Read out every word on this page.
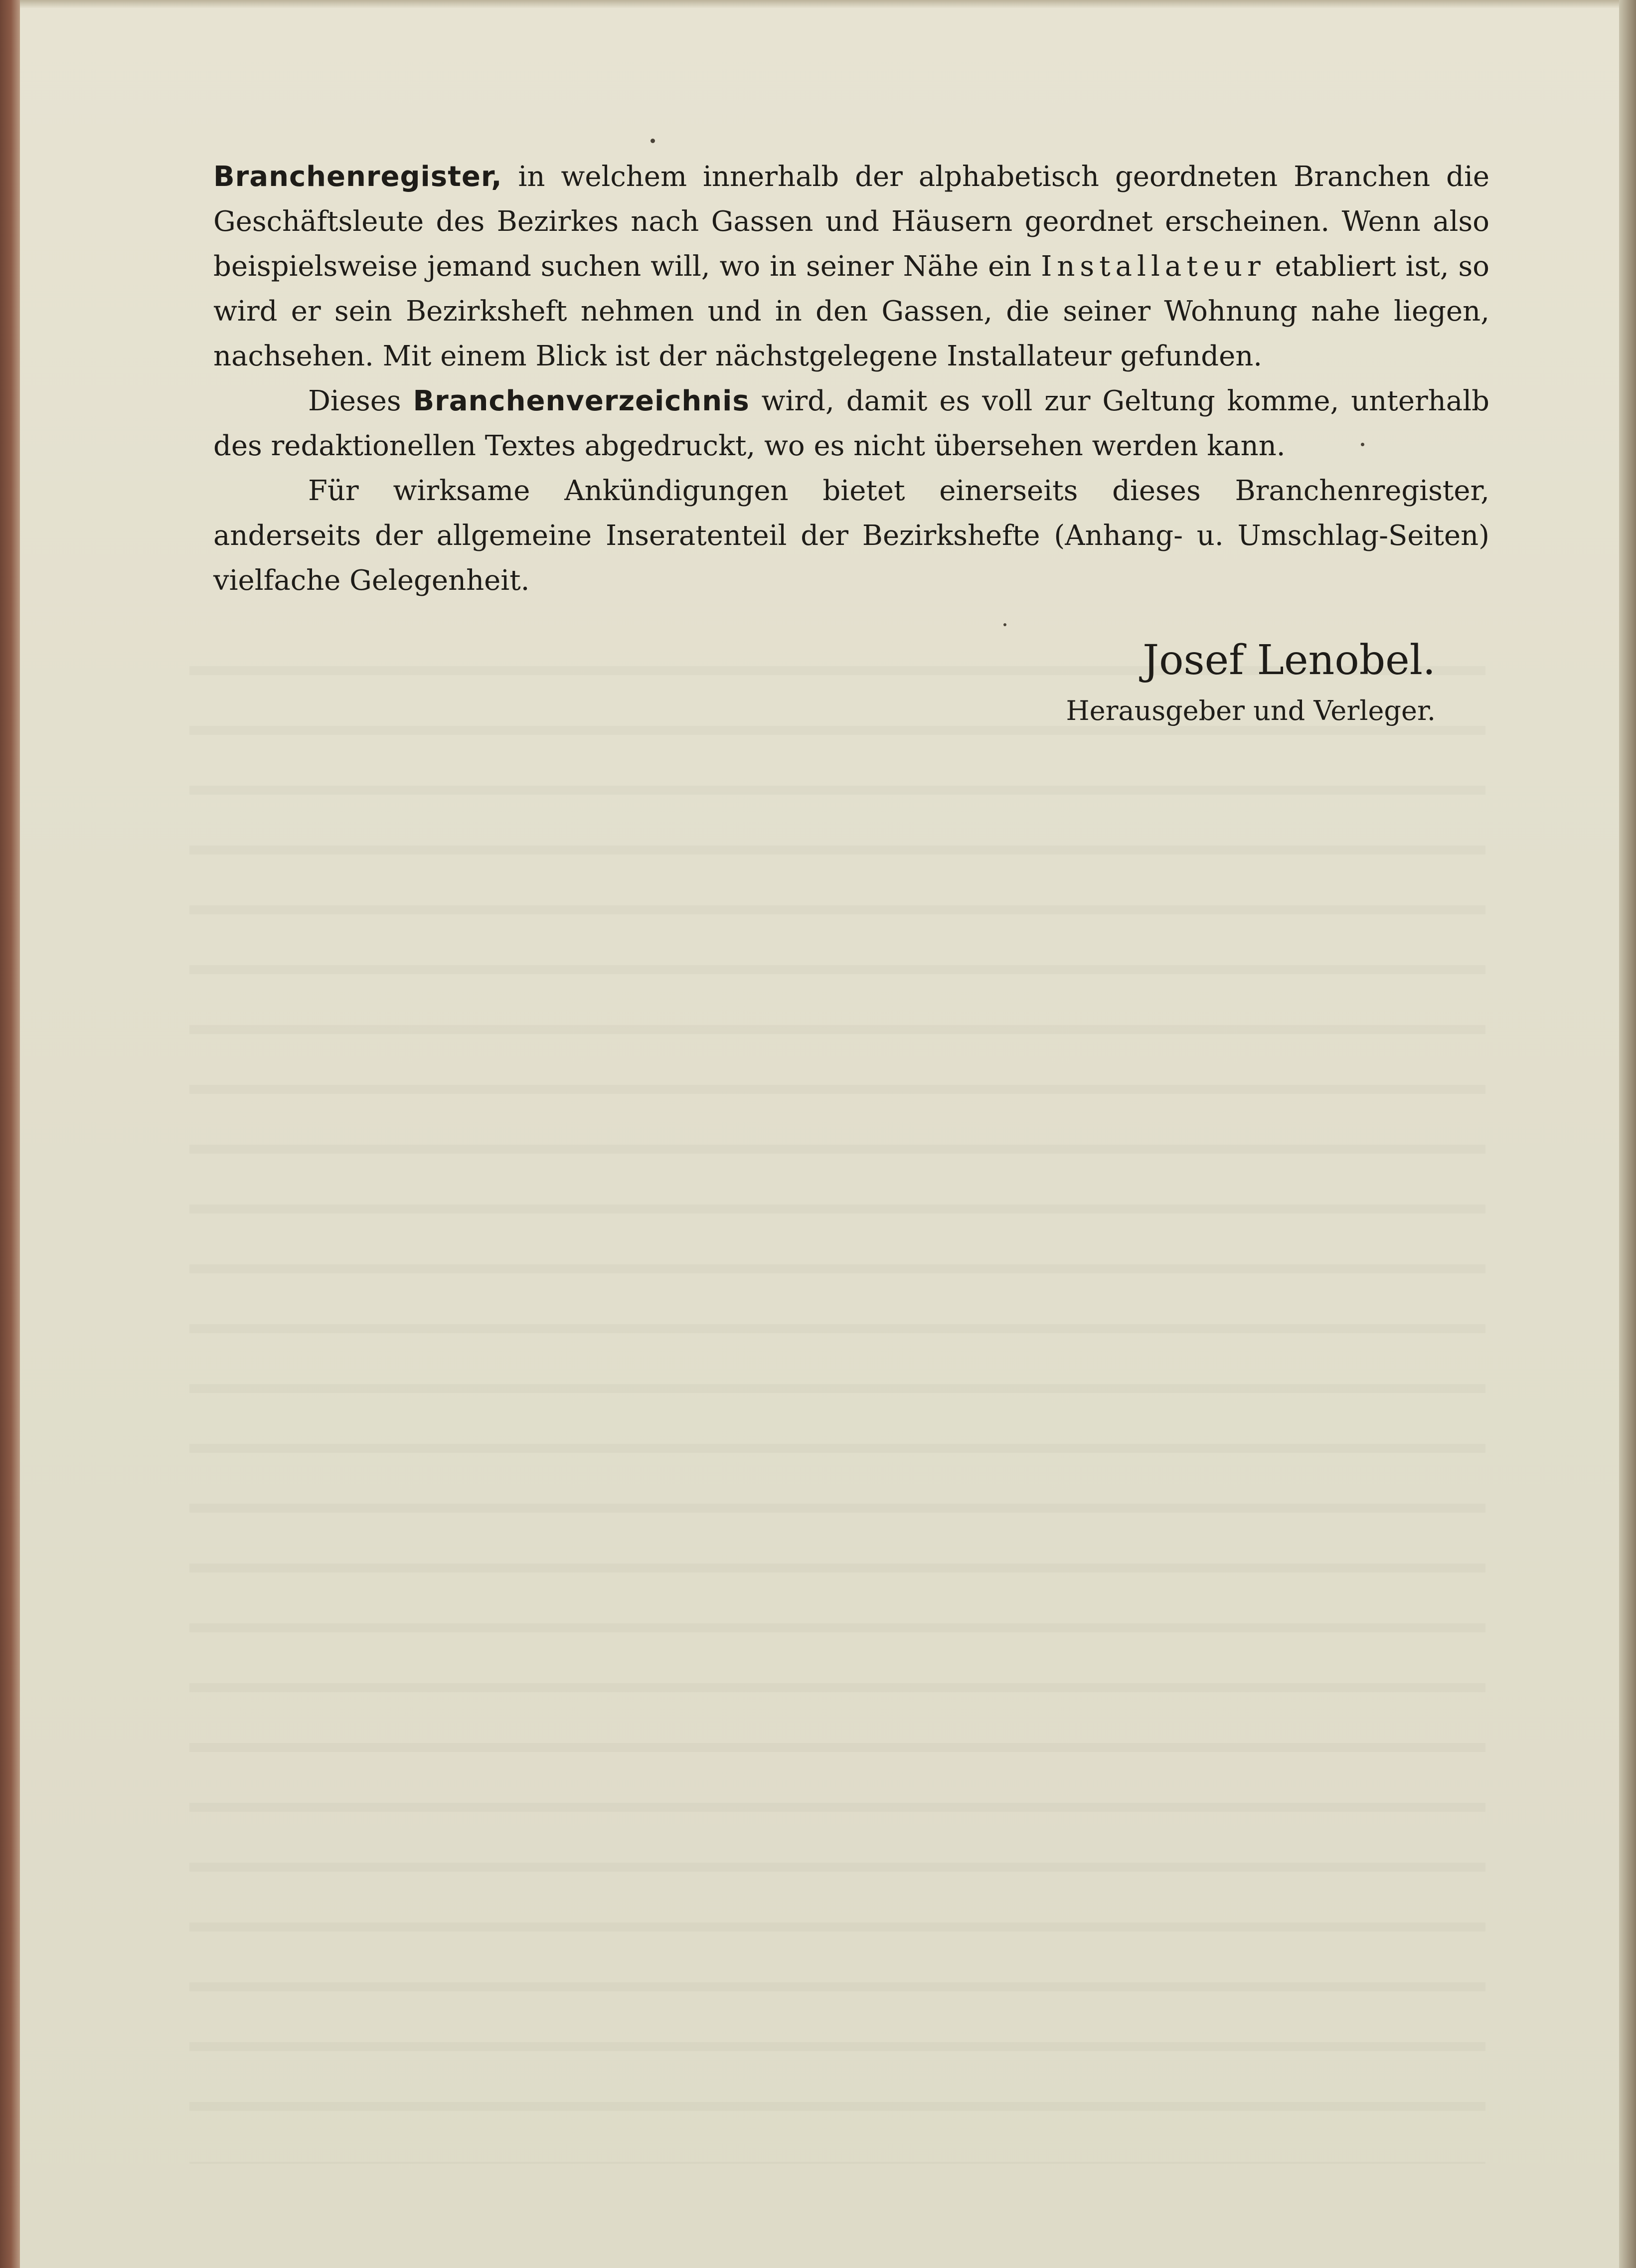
Branchenregister, in welchem innerhalb der alphabetisch geordneten Branchen die Geschäftsleute des Bezirkes nach Gassen und Häusern geordnet erscheinen. Wenn also beispielsweise jemand suchen will, wo in seiner Nähe ein Installateur etabliert ist, so wird er sein Bezirksheft nehmen und in den Gassen, die seiner Wohnung nahe liegen, nachsehen. Mit einem Blick ist der nächstgelegene Installateur gefunden.

Dieses Branchenverzeichnis wird, damit es voll zur Geltung komme, unterhalb des redaktionellen Textes abgedruckt, wo es nicht übersehen werden kann.

Für wirksame Ankündigungen bietet einerseits dieses Branchenregister, anderseits der allgemeine Inseratenteil der Bezirkshefte (Anhang- u. Umschlag-Seiten) vielfache Gelegenheit.

Josef Lenobel.
Herausgeber und Verleger.
